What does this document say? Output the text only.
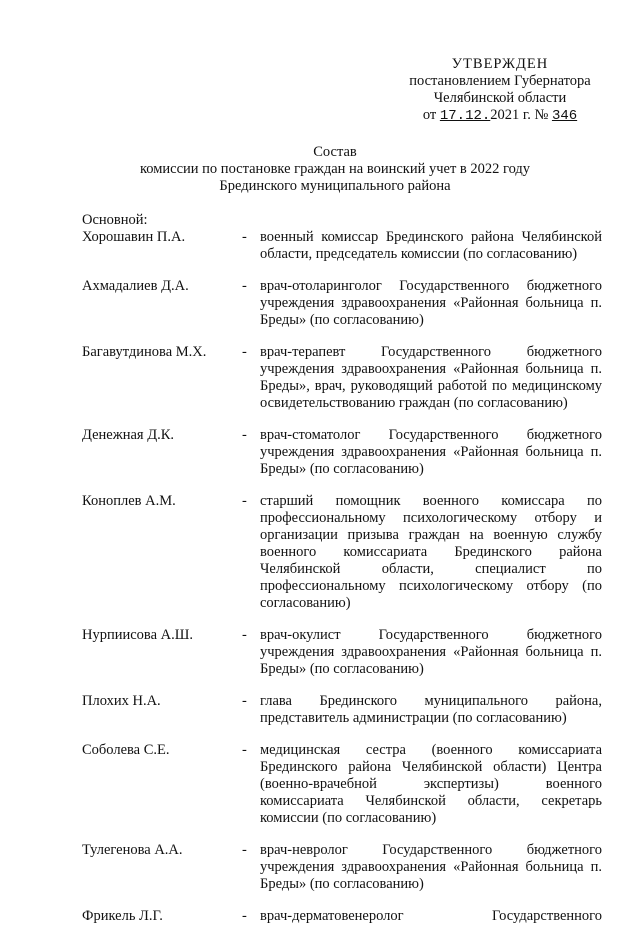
УТВЕРЖДЕН
постановлением Губернатора
Челябинской области
от 17.12.2021 г. № 346
Состав
комиссии по постановке граждан на воинский учет в 2022 году
Брединского муниципального района
Основной:
Хорошавин П.А.	- военный комиссар Брединского района Челябинской области, председатель комиссии (по согласованию)
Ахмадалиев Д.А.	- врач-отоларинголог Государственного бюджетного учреждения здравоохранения «Районная больница п. Бреды» (по согласованию)
Багавутдинова М.Х.	- врач-терапевт Государственного бюджетного учреждения здравоохранения «Районная больница п. Бреды», врач, руководящий работой по медицинскому освидетельствованию граждан (по согласованию)
Денежная Д.К.	- врач-стоматолог Государственного бюджетного учреждения здравоохранения «Районная больница п. Бреды» (по согласованию)
Коноплев А.М.	- старший помощник военного комиссара по профессиональному психологическому отбору и организации призыва граждан на военную службу военного комиссариата Брединского района Челябинской области, специалист по профессиональному психологическому отбору (по согласованию)
Нурпиисова А.Ш.	- врач-окулист Государственного бюджетного учреждения здравоохранения «Районная больница п. Бреды» (по согласованию)
Плохих Н.А.	- глава Брединского муниципального района, представитель администрации (по согласованию)
Соболева С.Е.	- медицинская сестра (военного комиссариата Брединского района Челябинской области) Центра (военно-врачебной экспертизы) военного комиссариата Челябинской области, секретарь комиссии (по согласованию)
Тулегенова А.А.	- врач-невролог Государственного бюджетного учреждения здравоохранения «Районная больница п. Бреды» (по согласованию)
Фрикель Л.Г.	- врач-дерматовенеролог Государственного
